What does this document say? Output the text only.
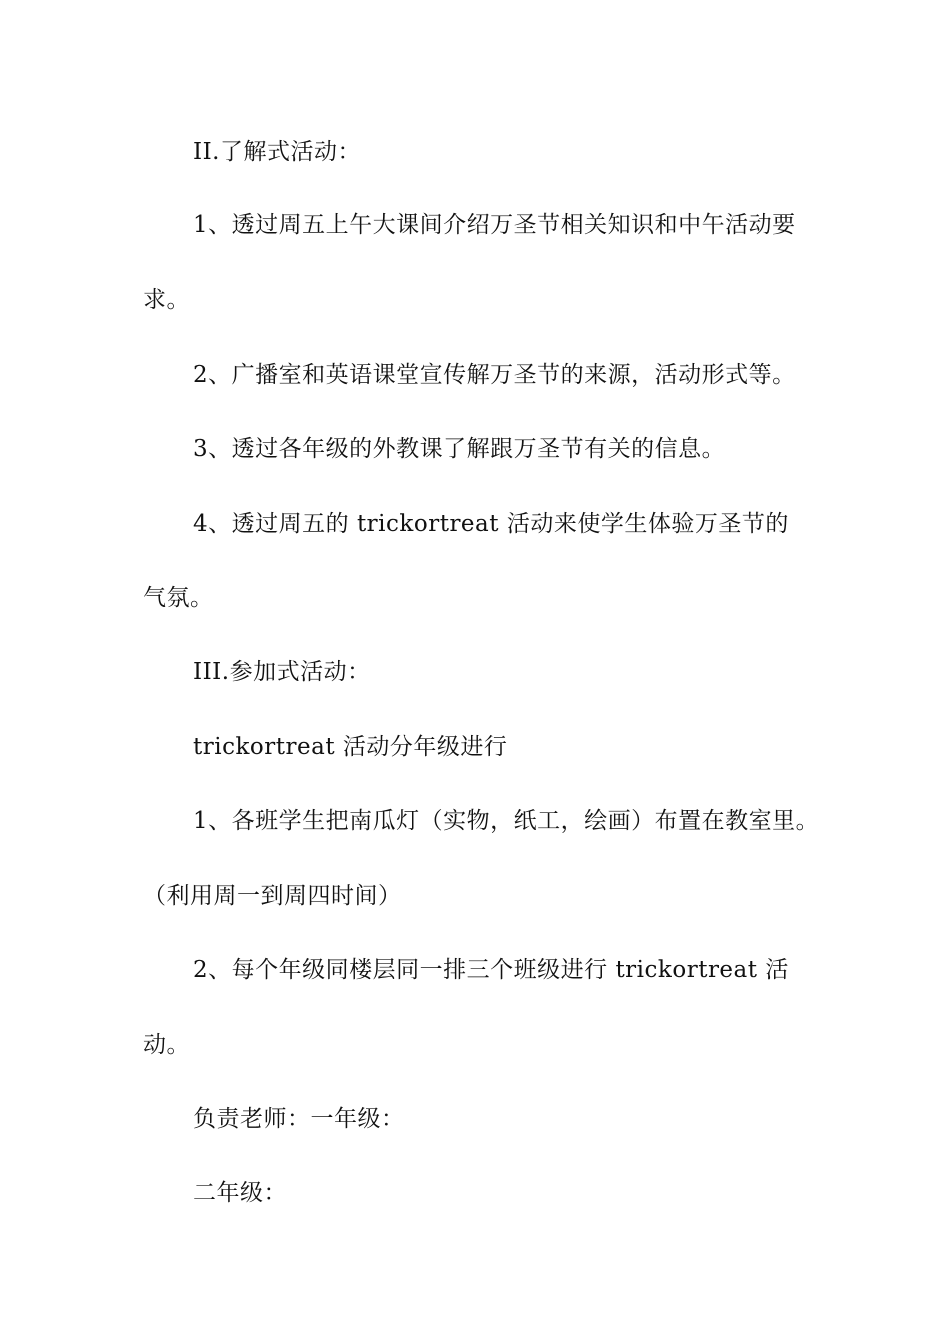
II.了解式活动：
1、透过周五上午大课间介绍万圣节相关知识和中午活动要
求。
2、广播室和英语课堂宣传解万圣节的来源，活动形式等。
3、透过各年级的外教课了解跟万圣节有关的信息。
4、透过周五的 trickortreat 活动来使学生体验万圣节的
气氛。
III.参加式活动：
trickortreat 活动分年级进行
1、各班学生把南瓜灯（实物，纸工，绘画）布置在教室里。
（利用周一到周四时间）
2、每个年级同楼层同一排三个班级进行 trickortreat 活
动。
负责老师：一年级：
二年级：
